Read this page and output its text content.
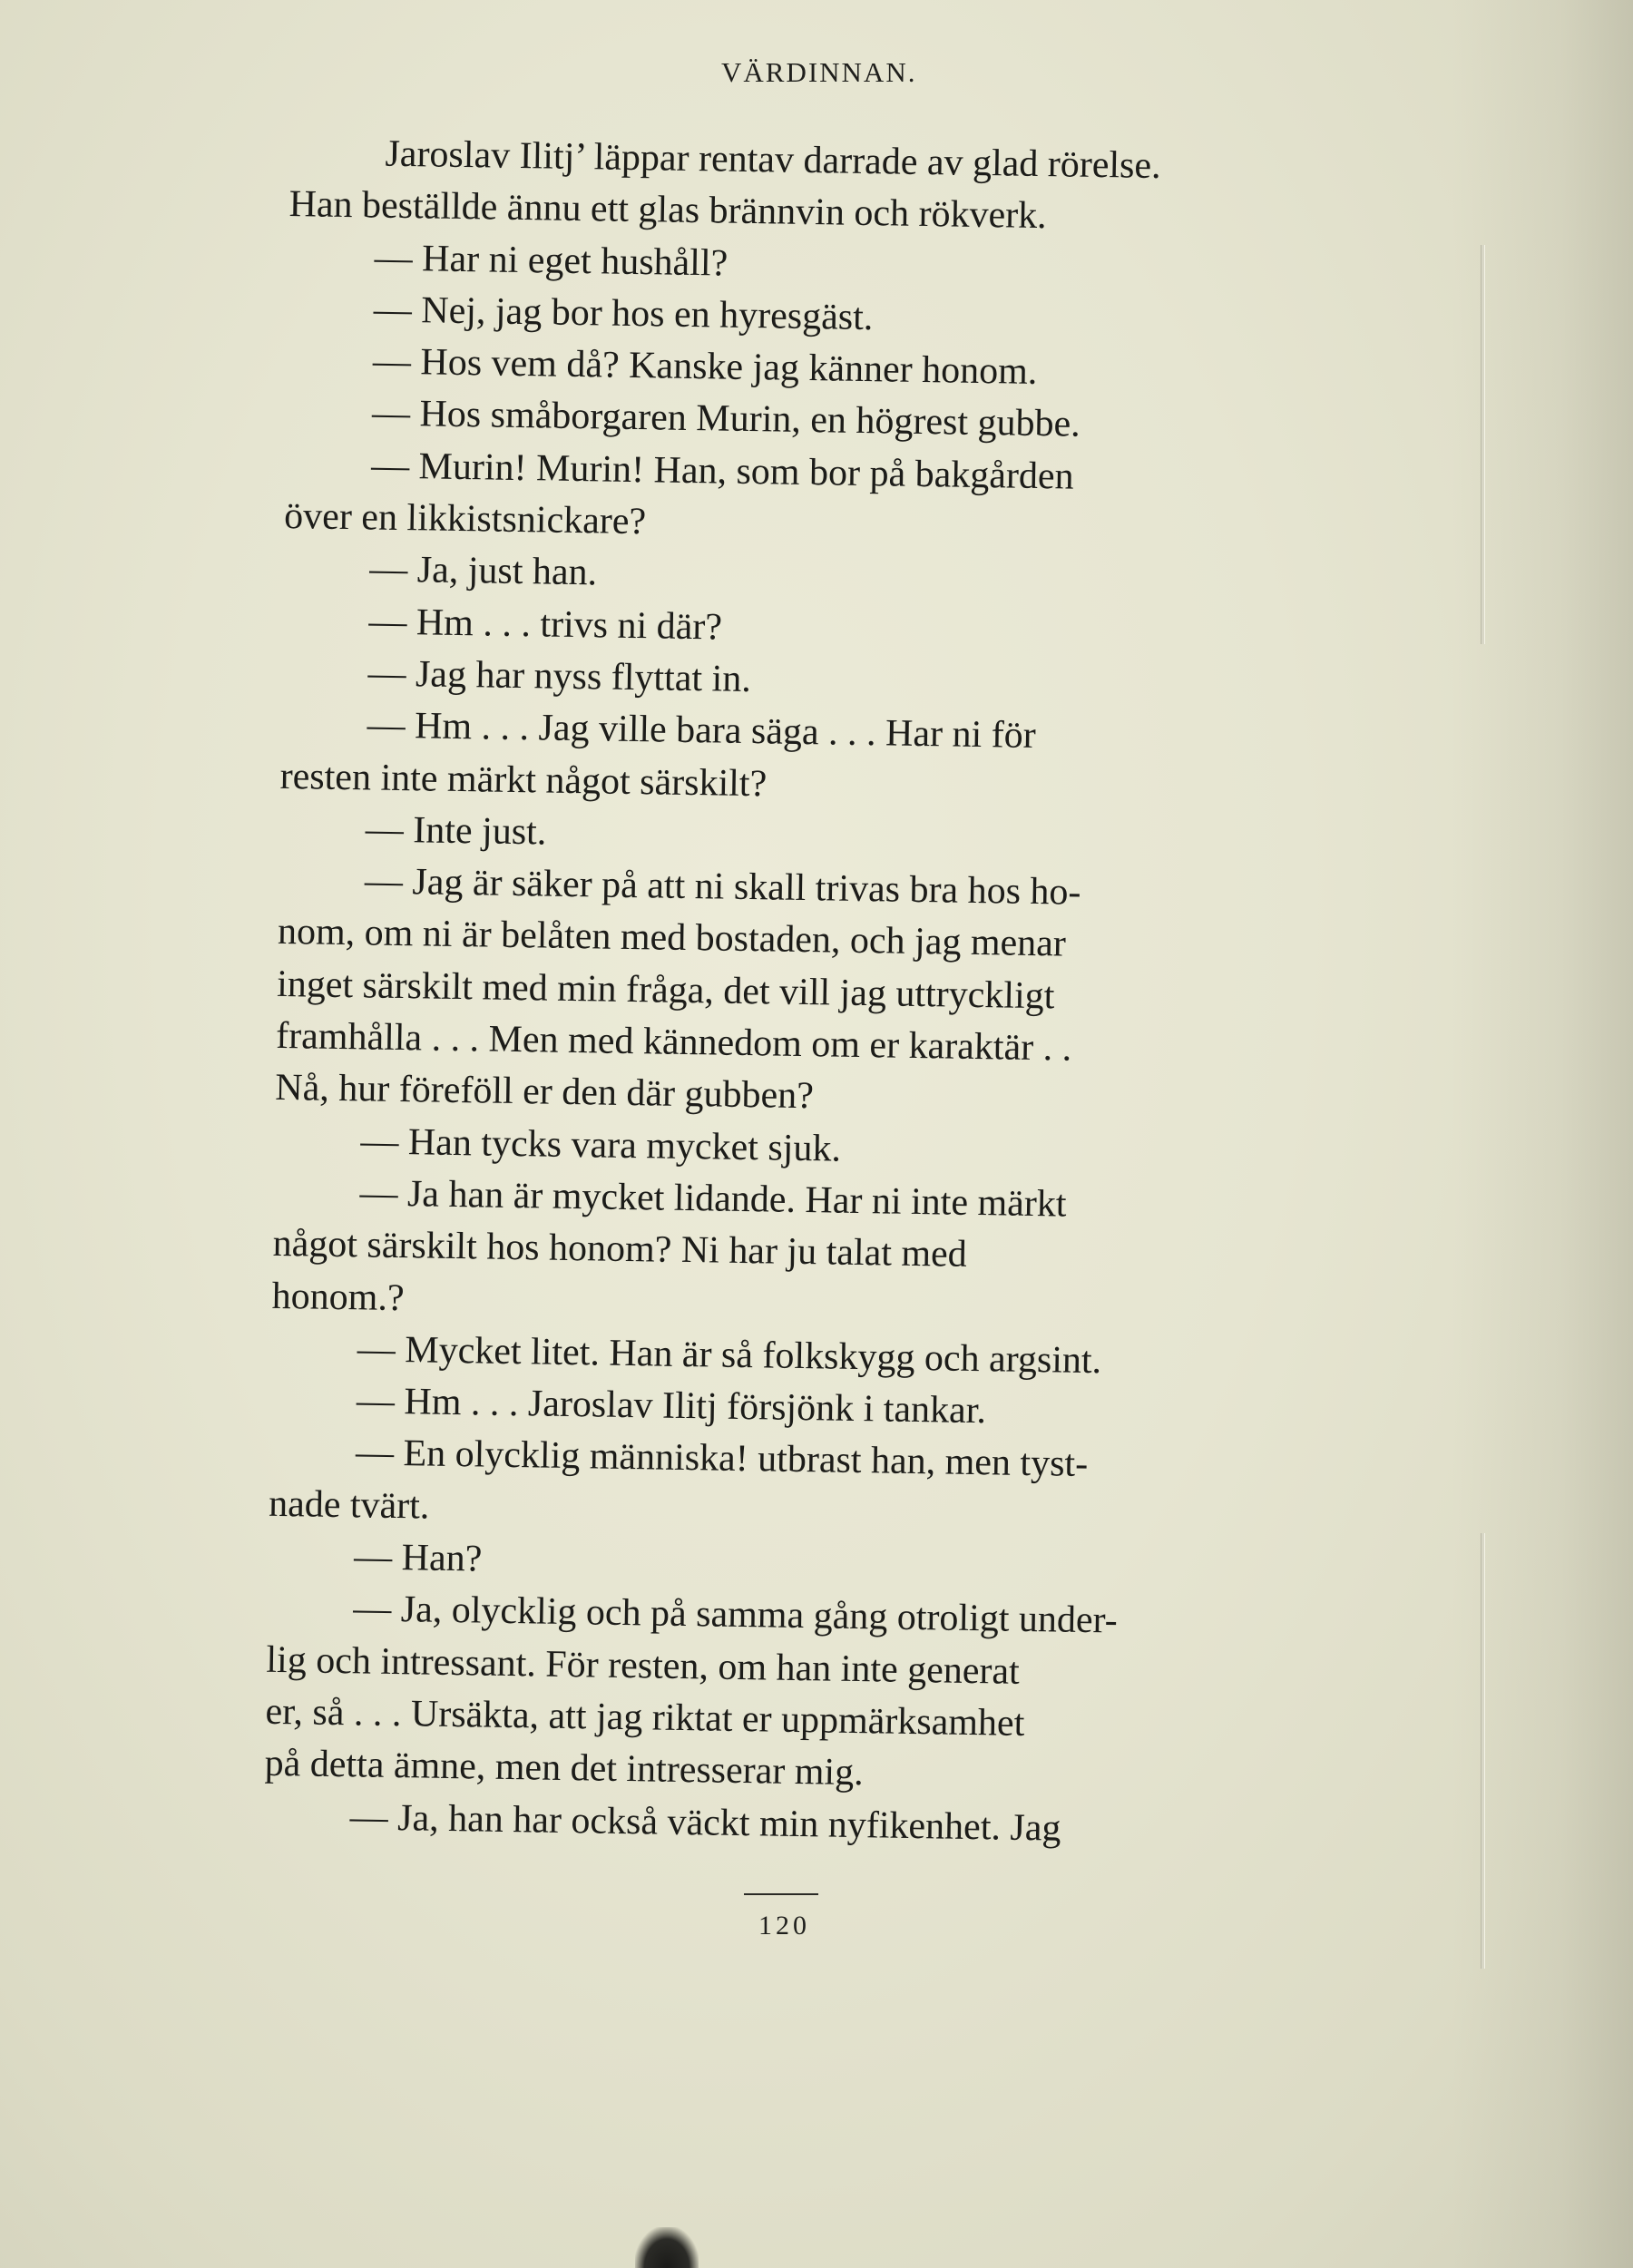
VÄRDINNAN.
Jaroslav Ilitj’ läppar rentav darrade av glad rörelse.
Han beställde ännu ett glas brännvin och rökverk.
— Har ni eget hushåll?
— Nej, jag bor hos en hyresgäst.
— Hos vem då? Kanske jag känner honom.
— Hos småborgaren Murin, en högrest gubbe.
— Murin! Murin! Han, som bor på bakgården
över en likkistsnickare?
— Ja, just han.
— Hm . . . trivs ni där?
— Jag har nyss flyttat in.
— Hm . . . Jag ville bara säga . . . Har ni för
resten inte märkt något särskilt?
— Inte just.
— Jag är säker på att ni skall trivas bra hos ho-
nom, om ni är belåten med bostaden, och jag menar
inget särskilt med min fråga, det vill jag uttryckligt
framhålla . . . Men med kännedom om er karaktär . .
Nå, hur föreföll er den där gubben?
— Han tycks vara mycket sjuk.
— Ja han är mycket lidande. Har ni inte märkt
något särskilt hos honom? Ni har ju talat med
honom.?
— Mycket litet. Han är så folkskygg och argsint.
— Hm . . . Jaroslav Ilitj försjönk i tankar.
— En olycklig människa! utbrast han, men tyst-
nade tvärt.
— Han?
— Ja, olycklig och på samma gång otroligt under-
lig och intressant. För resten, om han inte generat
er, så . . . Ursäkta, att jag riktat er uppmärksamhet
på detta ämne, men det intresserar mig.
— Ja, han har också väckt min nyfikenhet. Jag
120
